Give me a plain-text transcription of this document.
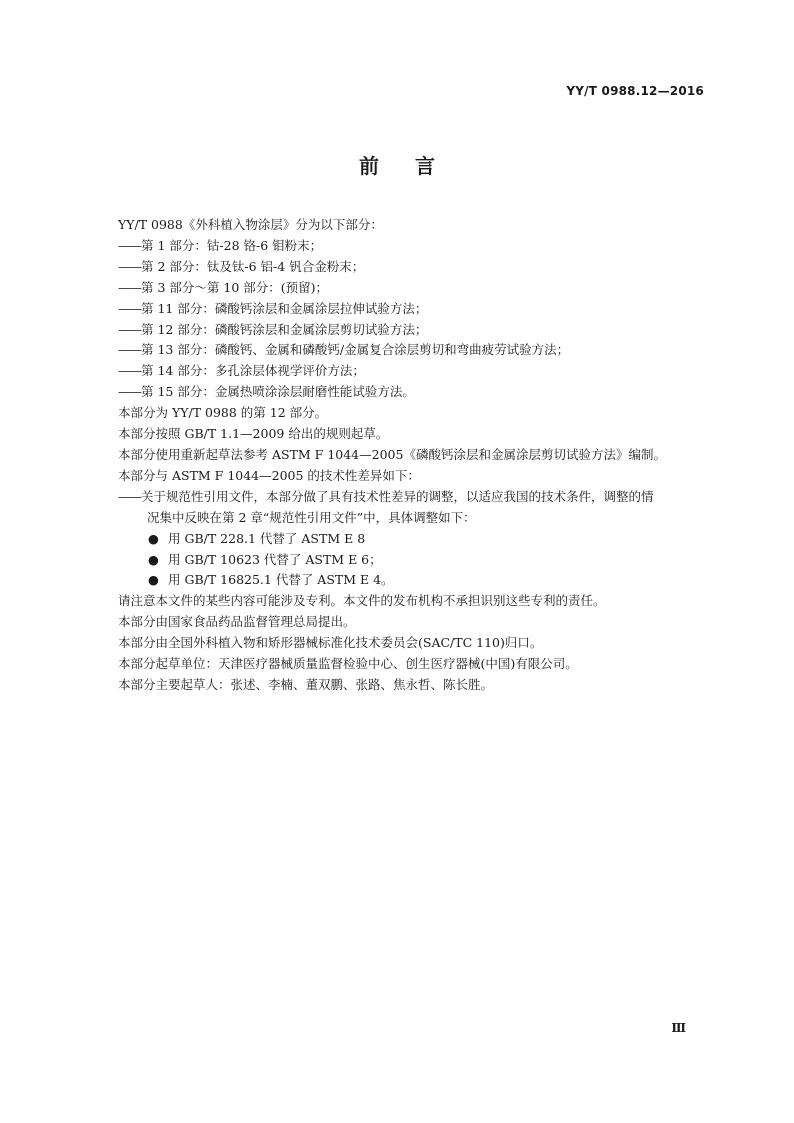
YY/T 0988.12—2016
前言
YY/T 0988《外科植入物涂层》分为以下部分：
——第 1 部分：钴-28 铬-6 钼粉末；
——第 2 部分：钛及钛-6 铝-4 钒合金粉末；
——第 3 部分～第 10 部分：(预留)；
——第 11 部分：磷酸钙涂层和金属涂层拉伸试验方法；
——第 12 部分：磷酸钙涂层和金属涂层剪切试验方法；
——第 13 部分：磷酸钙、金属和磷酸钙/金属复合涂层剪切和弯曲疲劳试验方法；
——第 14 部分：多孔涂层体视学评价方法；
——第 15 部分：金属热喷涂涂层耐磨性能试验方法。
本部分为 YY/T 0988 的第 12 部分。
本部分按照 GB/T 1.1—2009 给出的规则起草。
本部分使用重新起草法参考 ASTM F 1044—2005《磷酸钙涂层和金属涂层剪切试验方法》编制。
本部分与 ASTM F 1044—2005 的技术性差异如下：
——关于规范性引用文件，本部分做了具有技术性差异的调整，以适应我国的技术条件，调整的情
况集中反映在第 2 章“规范性引用文件”中，具体调整如下：
● 用 GB/T 228.1 代替了 ASTM E 8
● 用 GB/T 10623 代替了 ASTM E 6；
● 用 GB/T 16825.1 代替了 ASTM E 4。
请注意本文件的某些内容可能涉及专利。本文件的发布机构不承担识别这些专利的责任。
本部分由国家食品药品监督管理总局提出。
本部分由全国外科植入物和矫形器械标准化技术委员会(SAC/TC 110)归口。
本部分起草单位：天津医疗器械质量监督检验中心、创生医疗器械(中国)有限公司。
本部分主要起草人：张述、李楠、董双鹏、张路、焦永哲、陈长胜。
Ⅲ
